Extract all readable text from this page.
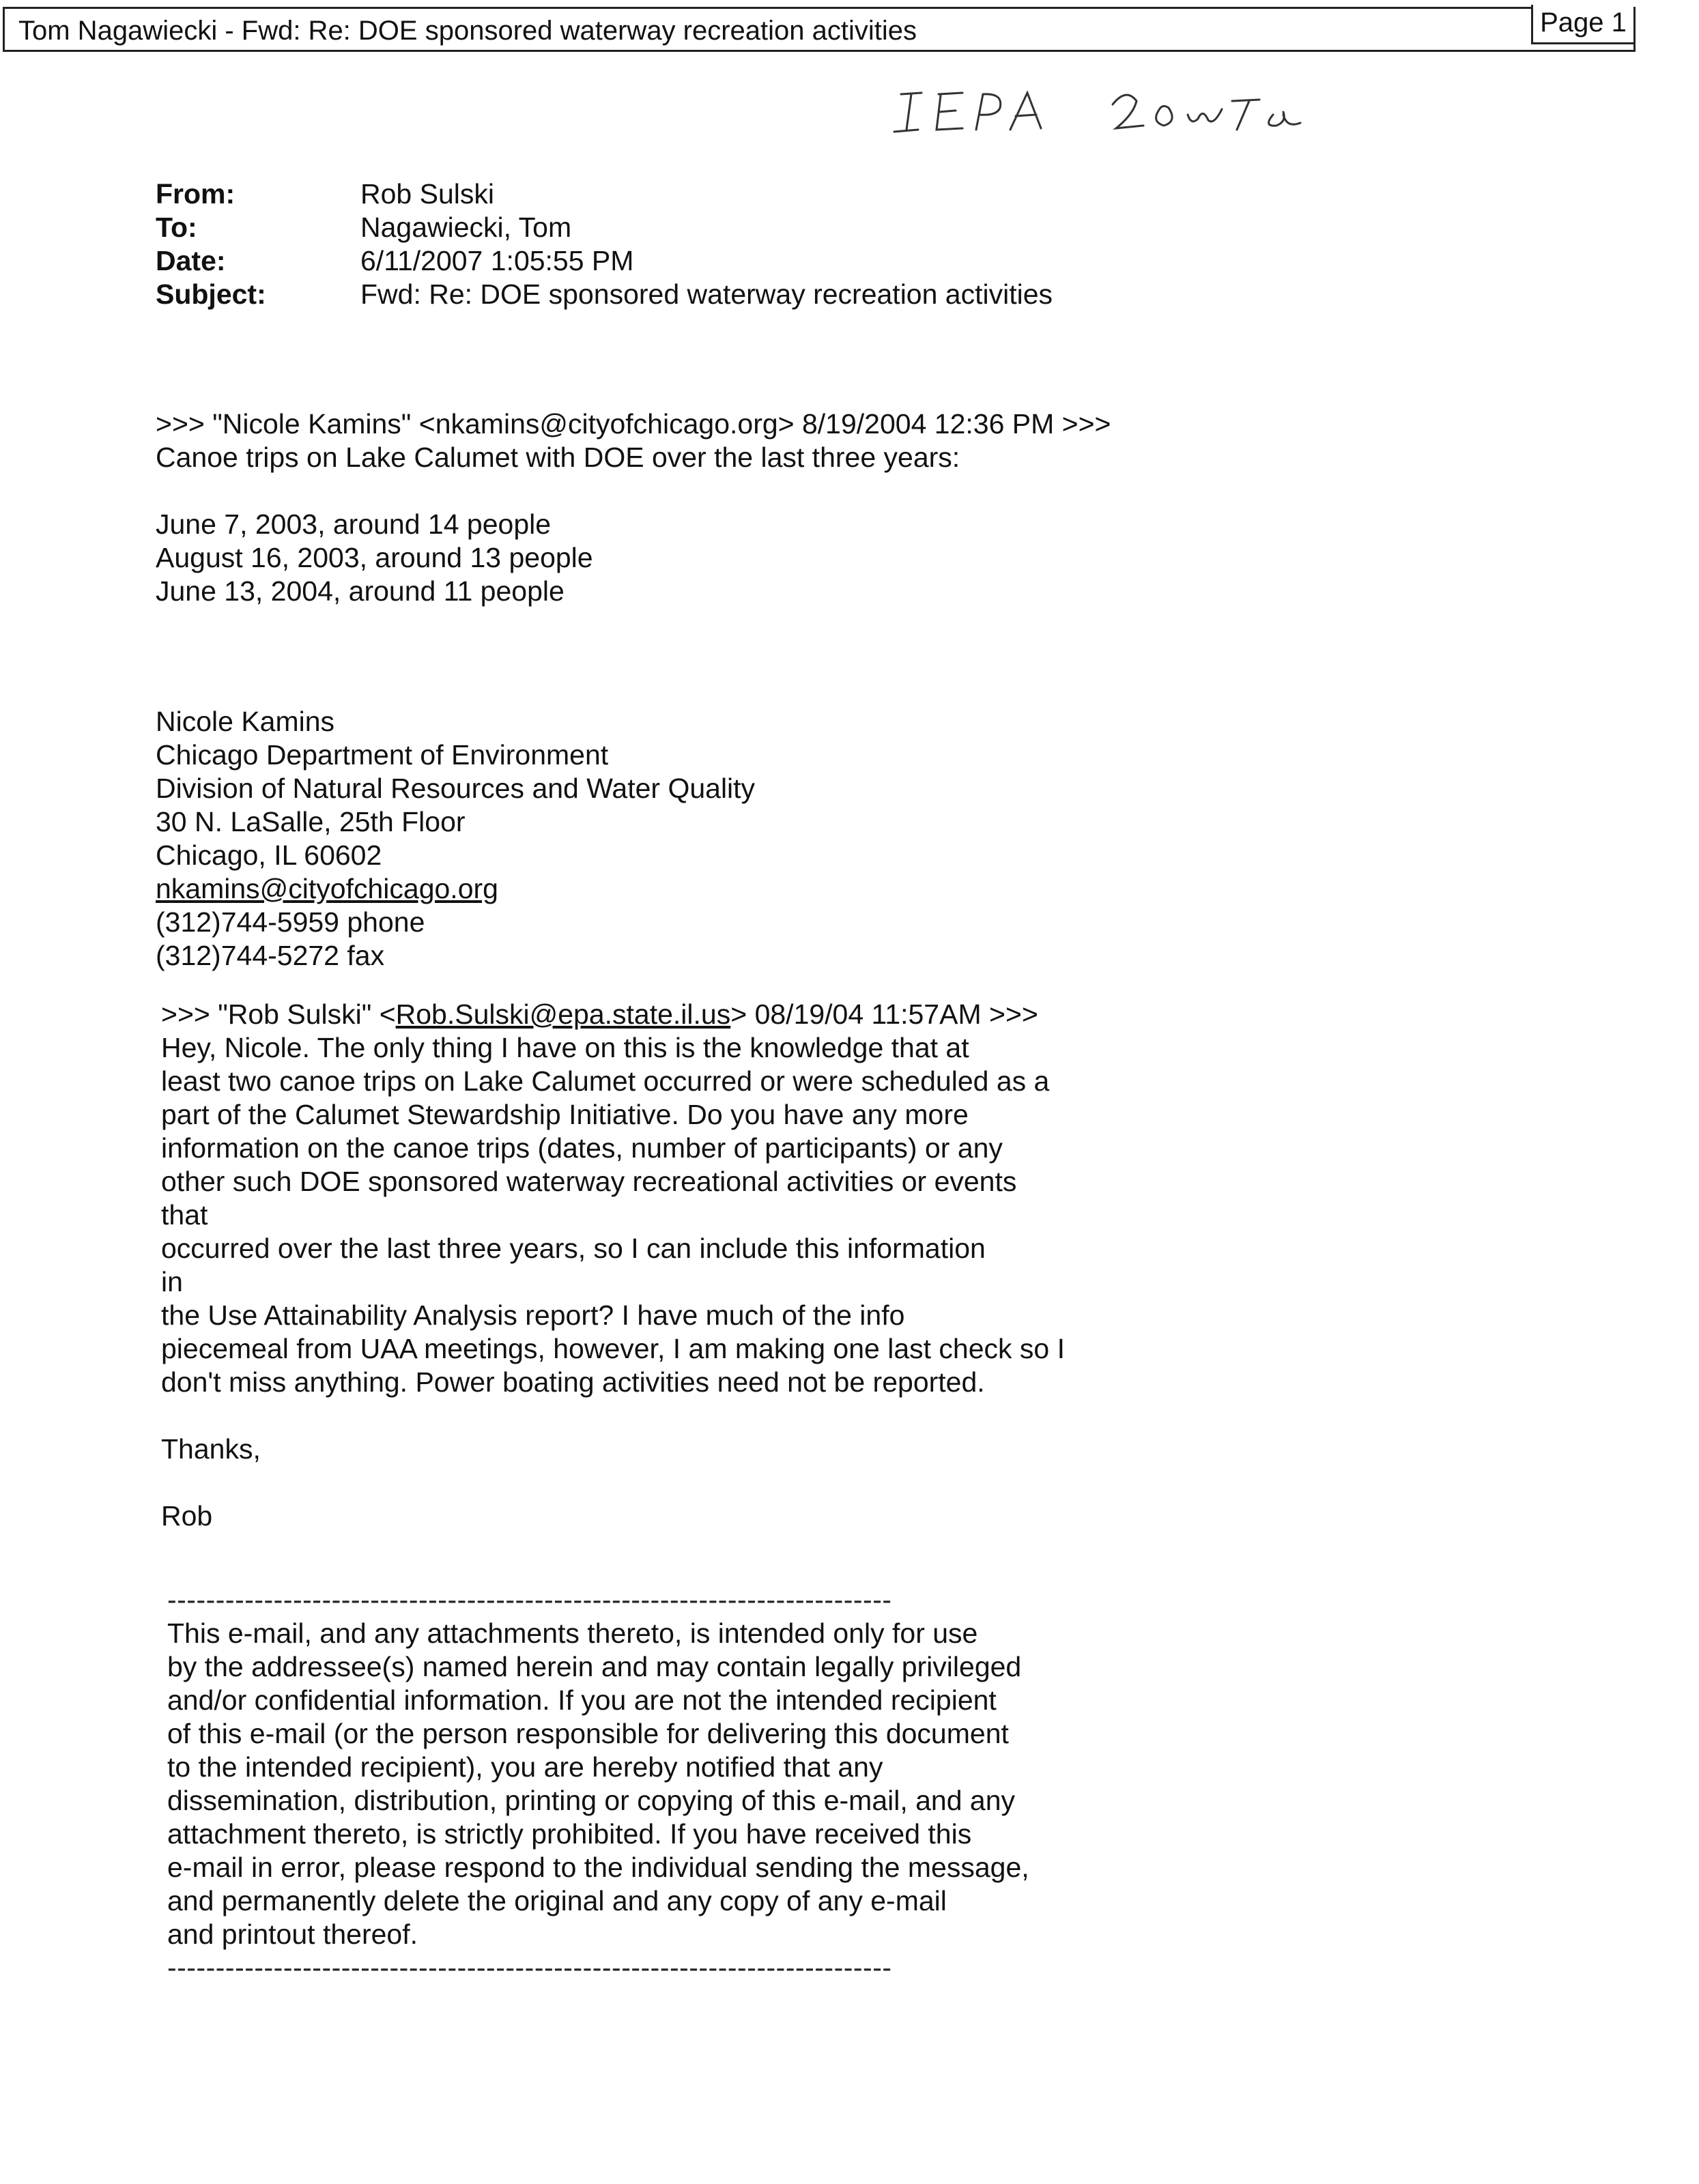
Tom Nagawiecki - Fwd: Re: DOE sponsored waterway recreation activities	Page 1
From:	Rob Sulski
To:	Nagawiecki, Tom
Date:	6/11/2007 1:05:55 PM
Subject:	Fwd: Re: DOE sponsored waterway recreation activities
>>> "Nicole Kamins" <nkamins@cityofchicago.org> 8/19/2004 12:36 PM >>>
Canoe trips on Lake Calumet with DOE over the last three years:
June 7, 2003, around 14 people
August 16, 2003, around 13 people
June 13, 2004, around 11 people
Nicole Kamins
Chicago Department of Environment
Division of Natural Resources and Water Quality
30 N. LaSalle, 25th Floor
Chicago, IL 60602
nkamins@cityofchicago.org
(312)744-5959 phone
(312)744-5272 fax
>>> "Rob Sulski" <Rob.Sulski@epa.state.il.us> 08/19/04 11:57AM >>>
Hey, Nicole. The only thing I have on this is the knowledge that at
least two canoe trips on Lake Calumet occurred or were scheduled as a
part of the Calumet Stewardship Initiative. Do you have any more
information on the canoe trips (dates, number of participants) or any
other such DOE sponsored waterway recreational activities or events
that
occurred over the last three years, so I can include this information
in
the Use Attainability Analysis report? I have much of the info
piecemeal from UAA meetings, however, I am making one last check so I
don't miss anything. Power boating activities need not be reported.
Thanks,
Rob
---------------------------------------------------------------------------
This e-mail, and any attachments thereto, is intended only for use
by the addressee(s) named herein and may contain legally privileged
and/or confidential information. If you are not the intended recipient
of this e-mail (or the person responsible for delivering this document
to the intended recipient), you are hereby notified that any
dissemination, distribution, printing or copying of this e-mail, and any
attachment thereto, is strictly prohibited. If you have received this
e-mail in error, please respond to the individual sending the message,
and permanently delete the original and any copy of any e-mail
and printout thereof.
---------------------------------------------------------------------------
